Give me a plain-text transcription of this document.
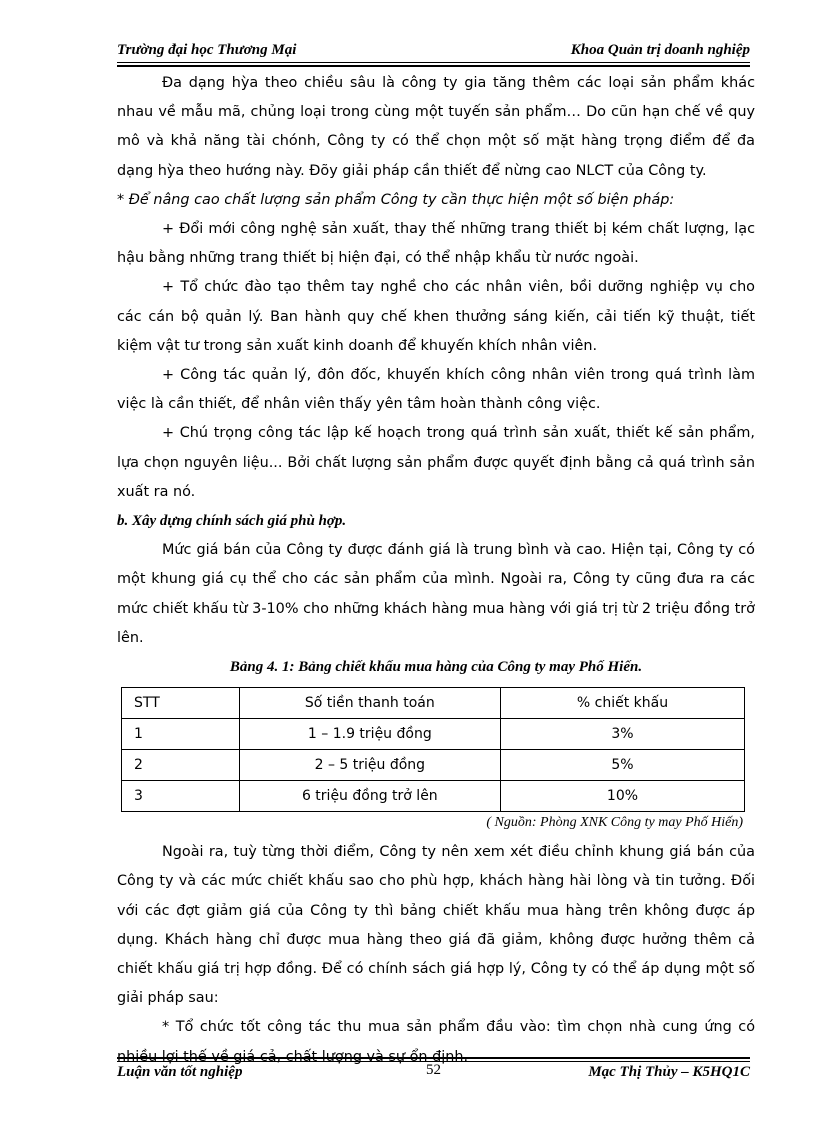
Trường đại học Thương Mại	Khoa Quản trị doanh nghiệp

Đa dạng hỳa theo chiều sâu là công ty gia tăng thêm các loại sản phẩm khác nhau về mẫu mã, chủng loại trong cùng một tuyến sản phẩm… Do cũn hạn chế về quy mô và khả năng tài chónh, Công ty có thể chọn một số mặt hàng trọng điểm để đa dạng hỳa theo hướng này. Đõy giải pháp cần thiết để nừng cao NLCT của Công ty.

* Để nâng cao chất lượng sản phẩm Công ty cần thực hiện một số biện pháp:

+ Đổi mới công nghệ sản xuất, thay thế những trang thiết bị kém chất lượng, lạc hậu bằng những trang thiết bị hiện đại, có thể nhập khẩu từ nước ngoài.

+ Tổ chức đào tạo thêm tay nghề cho các nhân viên, bồi dưỡng nghiệp vụ cho các cán bộ quản lý. Ban hành quy chế khen thưởng sáng kiến, cải tiến kỹ thuật, tiết kiệm vật tư trong sản xuất kinh doanh để khuyến khích nhân viên.

+ Công tác quản lý, đôn đốc, khuyến khích công nhân viên trong quá trình làm việc là cần thiết, để nhân viên thấy yên tâm hoàn thành công việc.

+ Chú trọng công tác lập kế hoạch trong quá trình sản xuất, thiết kế sản phẩm, lựa chọn nguyên liệu... Bởi chất lượng sản phẩm được quyết định bằng cả quá trình sản xuất ra nó.

b. Xây dựng chính sách giá phù hợp.

Mức giá bán của Công ty được đánh giá là trung bình và cao. Hiện tại, Công ty có một khung giá cụ thể cho các sản phẩm của mình. Ngoài ra, Công ty cũng đưa ra các mức chiết khấu từ 3-10% cho những khách hàng mua hàng với giá trị từ 2 triệu đồng trở lên.

Bảng 4. 1: Bảng chiết khấu mua hàng của Công ty may Phố Hiến.

STT	Số tiền thanh toán	% chiết khấu
1	1 – 1.9 triệu đồng	3%
2	2 – 5 triệu đồng	5%
3	6 triệu đồng trở lên	10%

( Nguồn: Phòng XNK Công ty may Phố Hiến)

Ngoài ra, tuỳ từng thời điểm, Công ty nên xem xét điều chỉnh khung giá bán của Công ty và các mức chiết khấu sao cho phù hợp, khách hàng hài lòng và tin tưởng. Đối với các đợt giảm giá của Công ty thì bảng chiết khấu mua hàng trên không được áp dụng. Khách hàng chỉ được mua hàng theo giá đã giảm, không được hưởng thêm cả chiết khấu giá trị hợp đồng. Để có chính sách giá hợp lý, Công ty có thể áp dụng một số giải pháp sau:

* Tổ chức tốt công tác thu mua sản phẩm đầu vào: tìm chọn nhà cung ứng có nhiều lợi thế về giá cả, chất lượng và sự ổn định.

Luận văn tốt nghiệp	52	Mạc Thị Thủy – K5HQ1C
